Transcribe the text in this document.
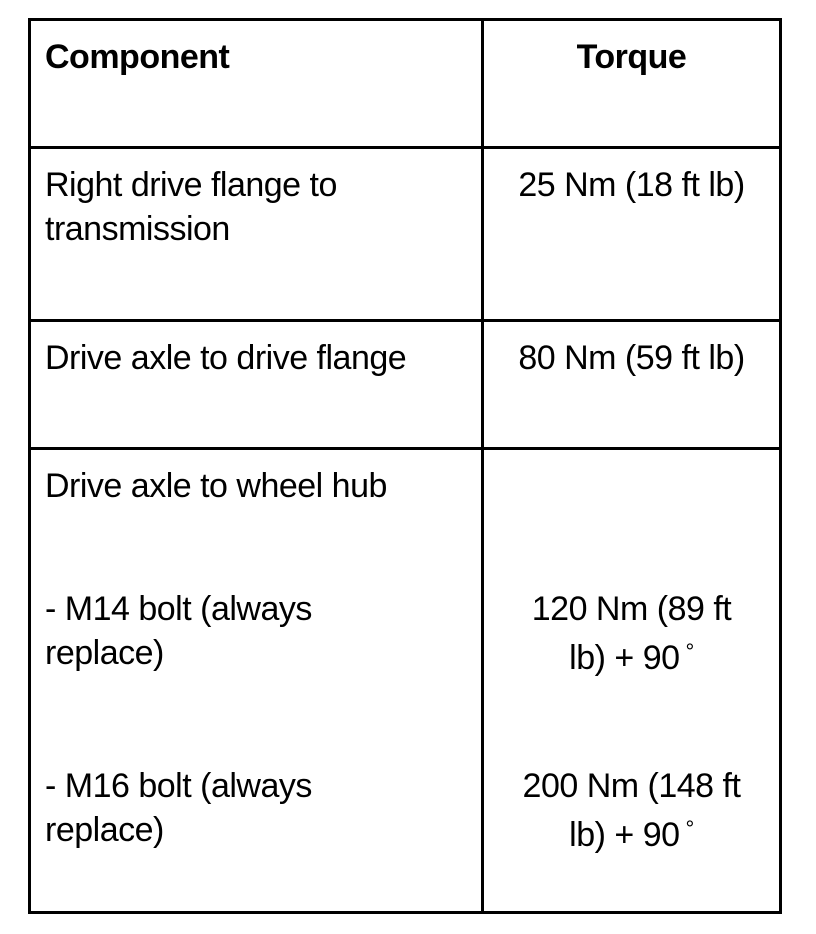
Component	Torque
Right drive flange to
transmission
25 Nm (18 ft lb)
Drive axle to drive flange	80 Nm (59 ft lb)
Drive axle to wheel hub
- M14 bolt (always
replace)
- M16 bolt (always
replace)
120 Nm (89 ft
lb) + 90 °
200 Nm (148 ft
lb) + 90 °
